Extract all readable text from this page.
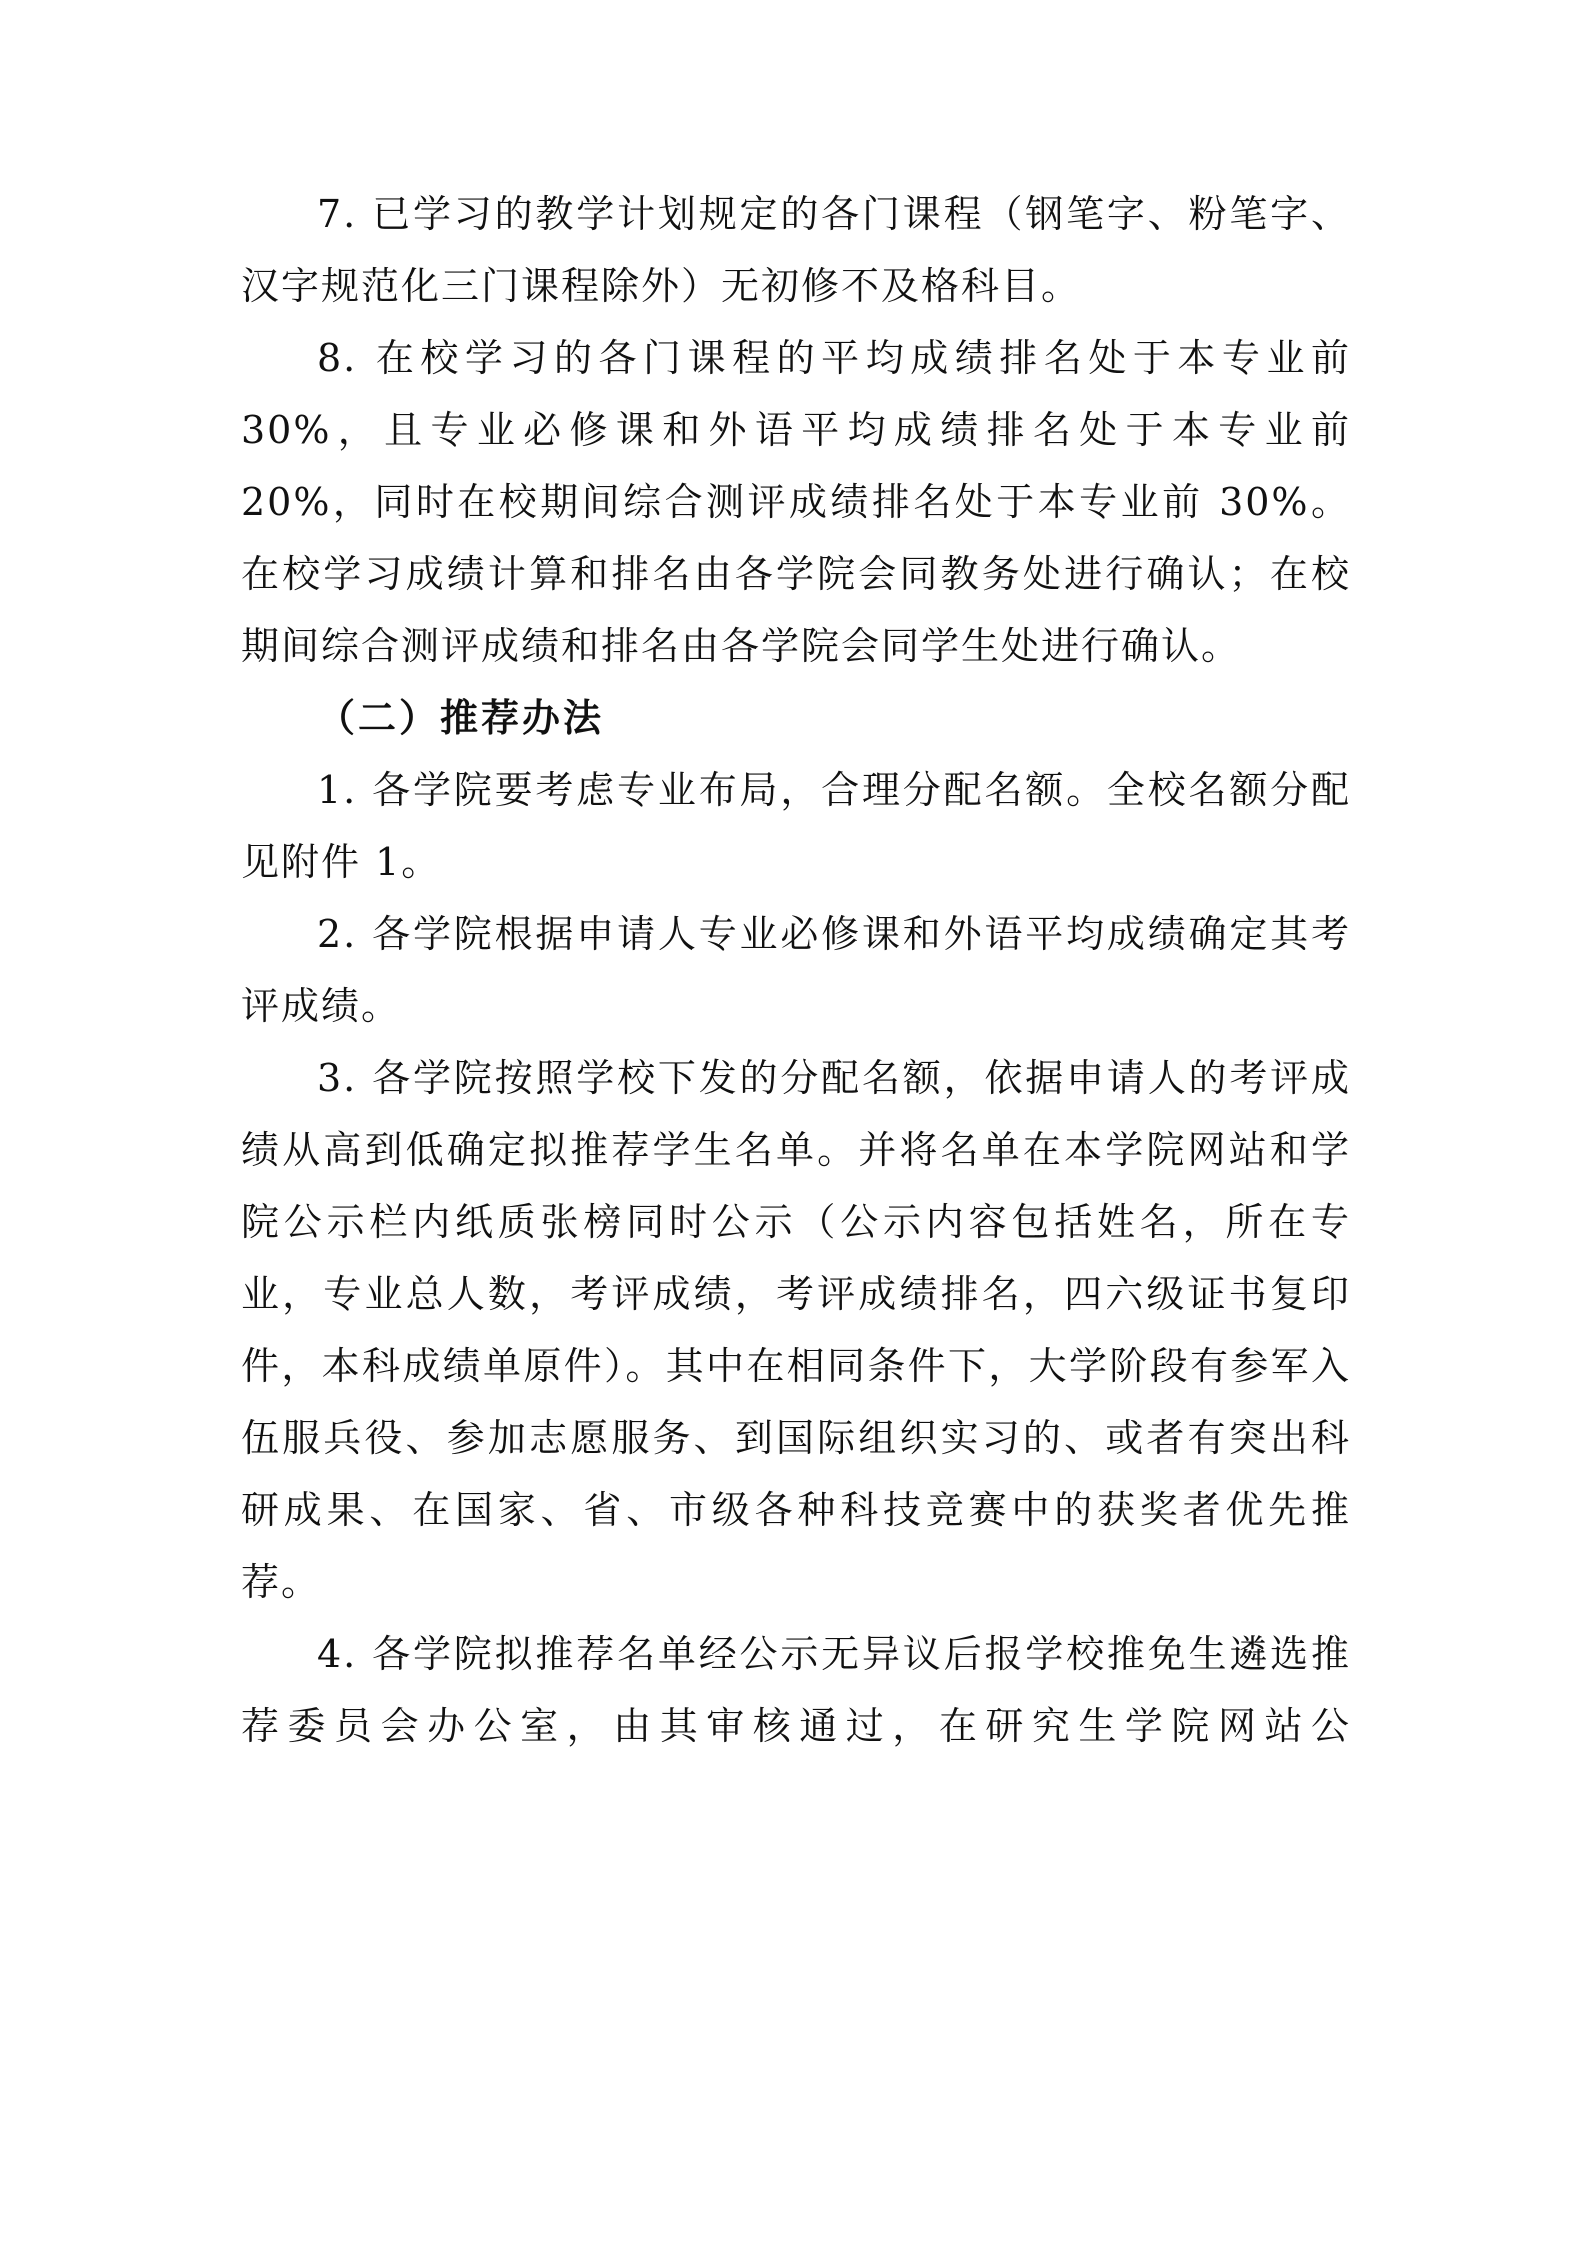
7. 已学习的教学计划规定的各门课程（钢笔字、粉笔字、汉字规范化三门课程除外）无初修不及格科目。

8. 在校学习的各门课程的平均成绩排名处于本专业前30%，且专业必修课和外语平均成绩排名处于本专业前 20%，同时在校期间综合测评成绩排名处于本专业前 30%。在校学习成绩计算和排名由各学院会同教务处进行确认；在校期间综合测评成绩和排名由各学院会同学生处进行确认。

（二）推荐办法

1. 各学院要考虑专业布局，合理分配名额。全校名额分配见附件 1。

2. 各学院根据申请人专业必修课和外语平均成绩确定其考评成绩。

3. 各学院按照学校下发的分配名额，依据申请人的考评成绩从高到低确定拟推荐学生名单。并将名单在本学院网站和学院公示栏内纸质张榜同时公示（公示内容包括姓名，所在专业，专业总人数，考评成绩，考评成绩排名，四六级证书复印件，本科成绩单原件）。其中在相同条件下，大学阶段有参军入伍服兵役、参加志愿服务、到国际组织实习的、或者有突出科研成果、在国家、省、市级各种科技竞赛中的获奖者优先推荐。

4. 各学院拟推荐名单经公示无异议后报学校推免生遴选推荐委员会办公室，由其审核通过，在研究生学院网站公
